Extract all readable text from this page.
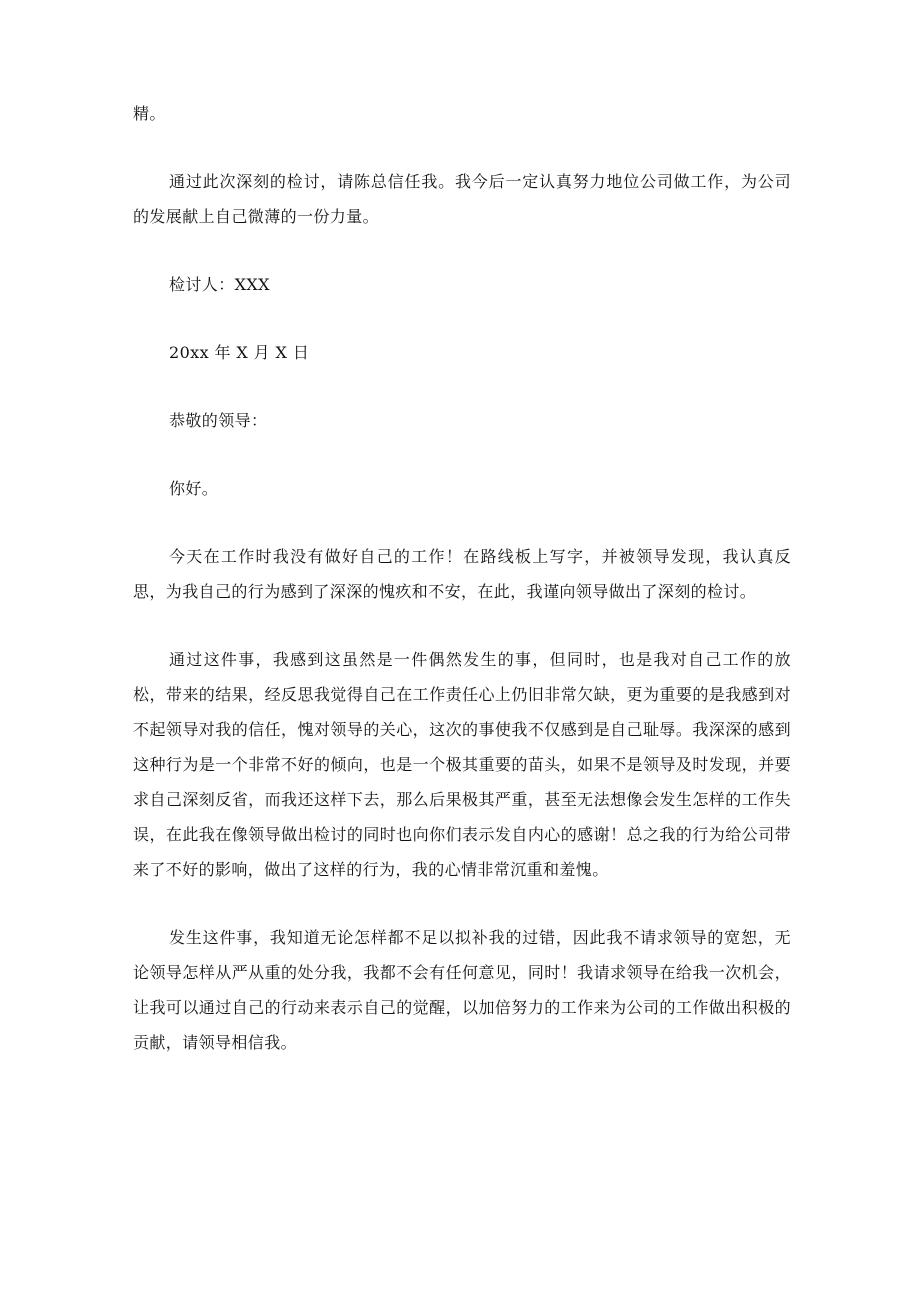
精。

通过此次深刻的检讨，请陈总信任我。我今后一定认真努力地位公司做工作，为公司的发展献上自己微薄的一份力量。

检讨人：XXX

20xx 年 X 月 X 日

恭敬的领导：

你好。

今天在工作时我没有做好自己的工作！在路线板上写字，并被领导发现，我认真反思，为我自己的行为感到了深深的愧疚和不安，在此，我谨向领导做出了深刻的检讨。

通过这件事，我感到这虽然是一件偶然发生的事，但同时，也是我对自己工作的放松，带来的结果，经反思我觉得自己在工作责任心上仍旧非常欠缺，更为重要的是我感到对不起领导对我的信任，愧对领导的关心，这次的事使我不仅感到是自己耻辱。我深深的感到这种行为是一个非常不好的倾向，也是一个极其重要的苗头，如果不是领导及时发现，并要求自己深刻反省，而我还这样下去，那么后果极其严重，甚至无法想像会发生怎样的工作失误，在此我在像领导做出检讨的同时也向你们表示发自内心的感谢！总之我的行为给公司带来了不好的影响，做出了这样的行为，我的心情非常沉重和羞愧。

发生这件事，我知道无论怎样都不足以拟补我的过错，因此我不请求领导的宽恕，无论领导怎样从严从重的处分我，我都不会有任何意见，同时！我请求领导在给我一次机会，让我可以通过自己的行动来表示自己的觉醒，以加倍努力的工作来为公司的工作做出积极的贡献，请领导相信我。
